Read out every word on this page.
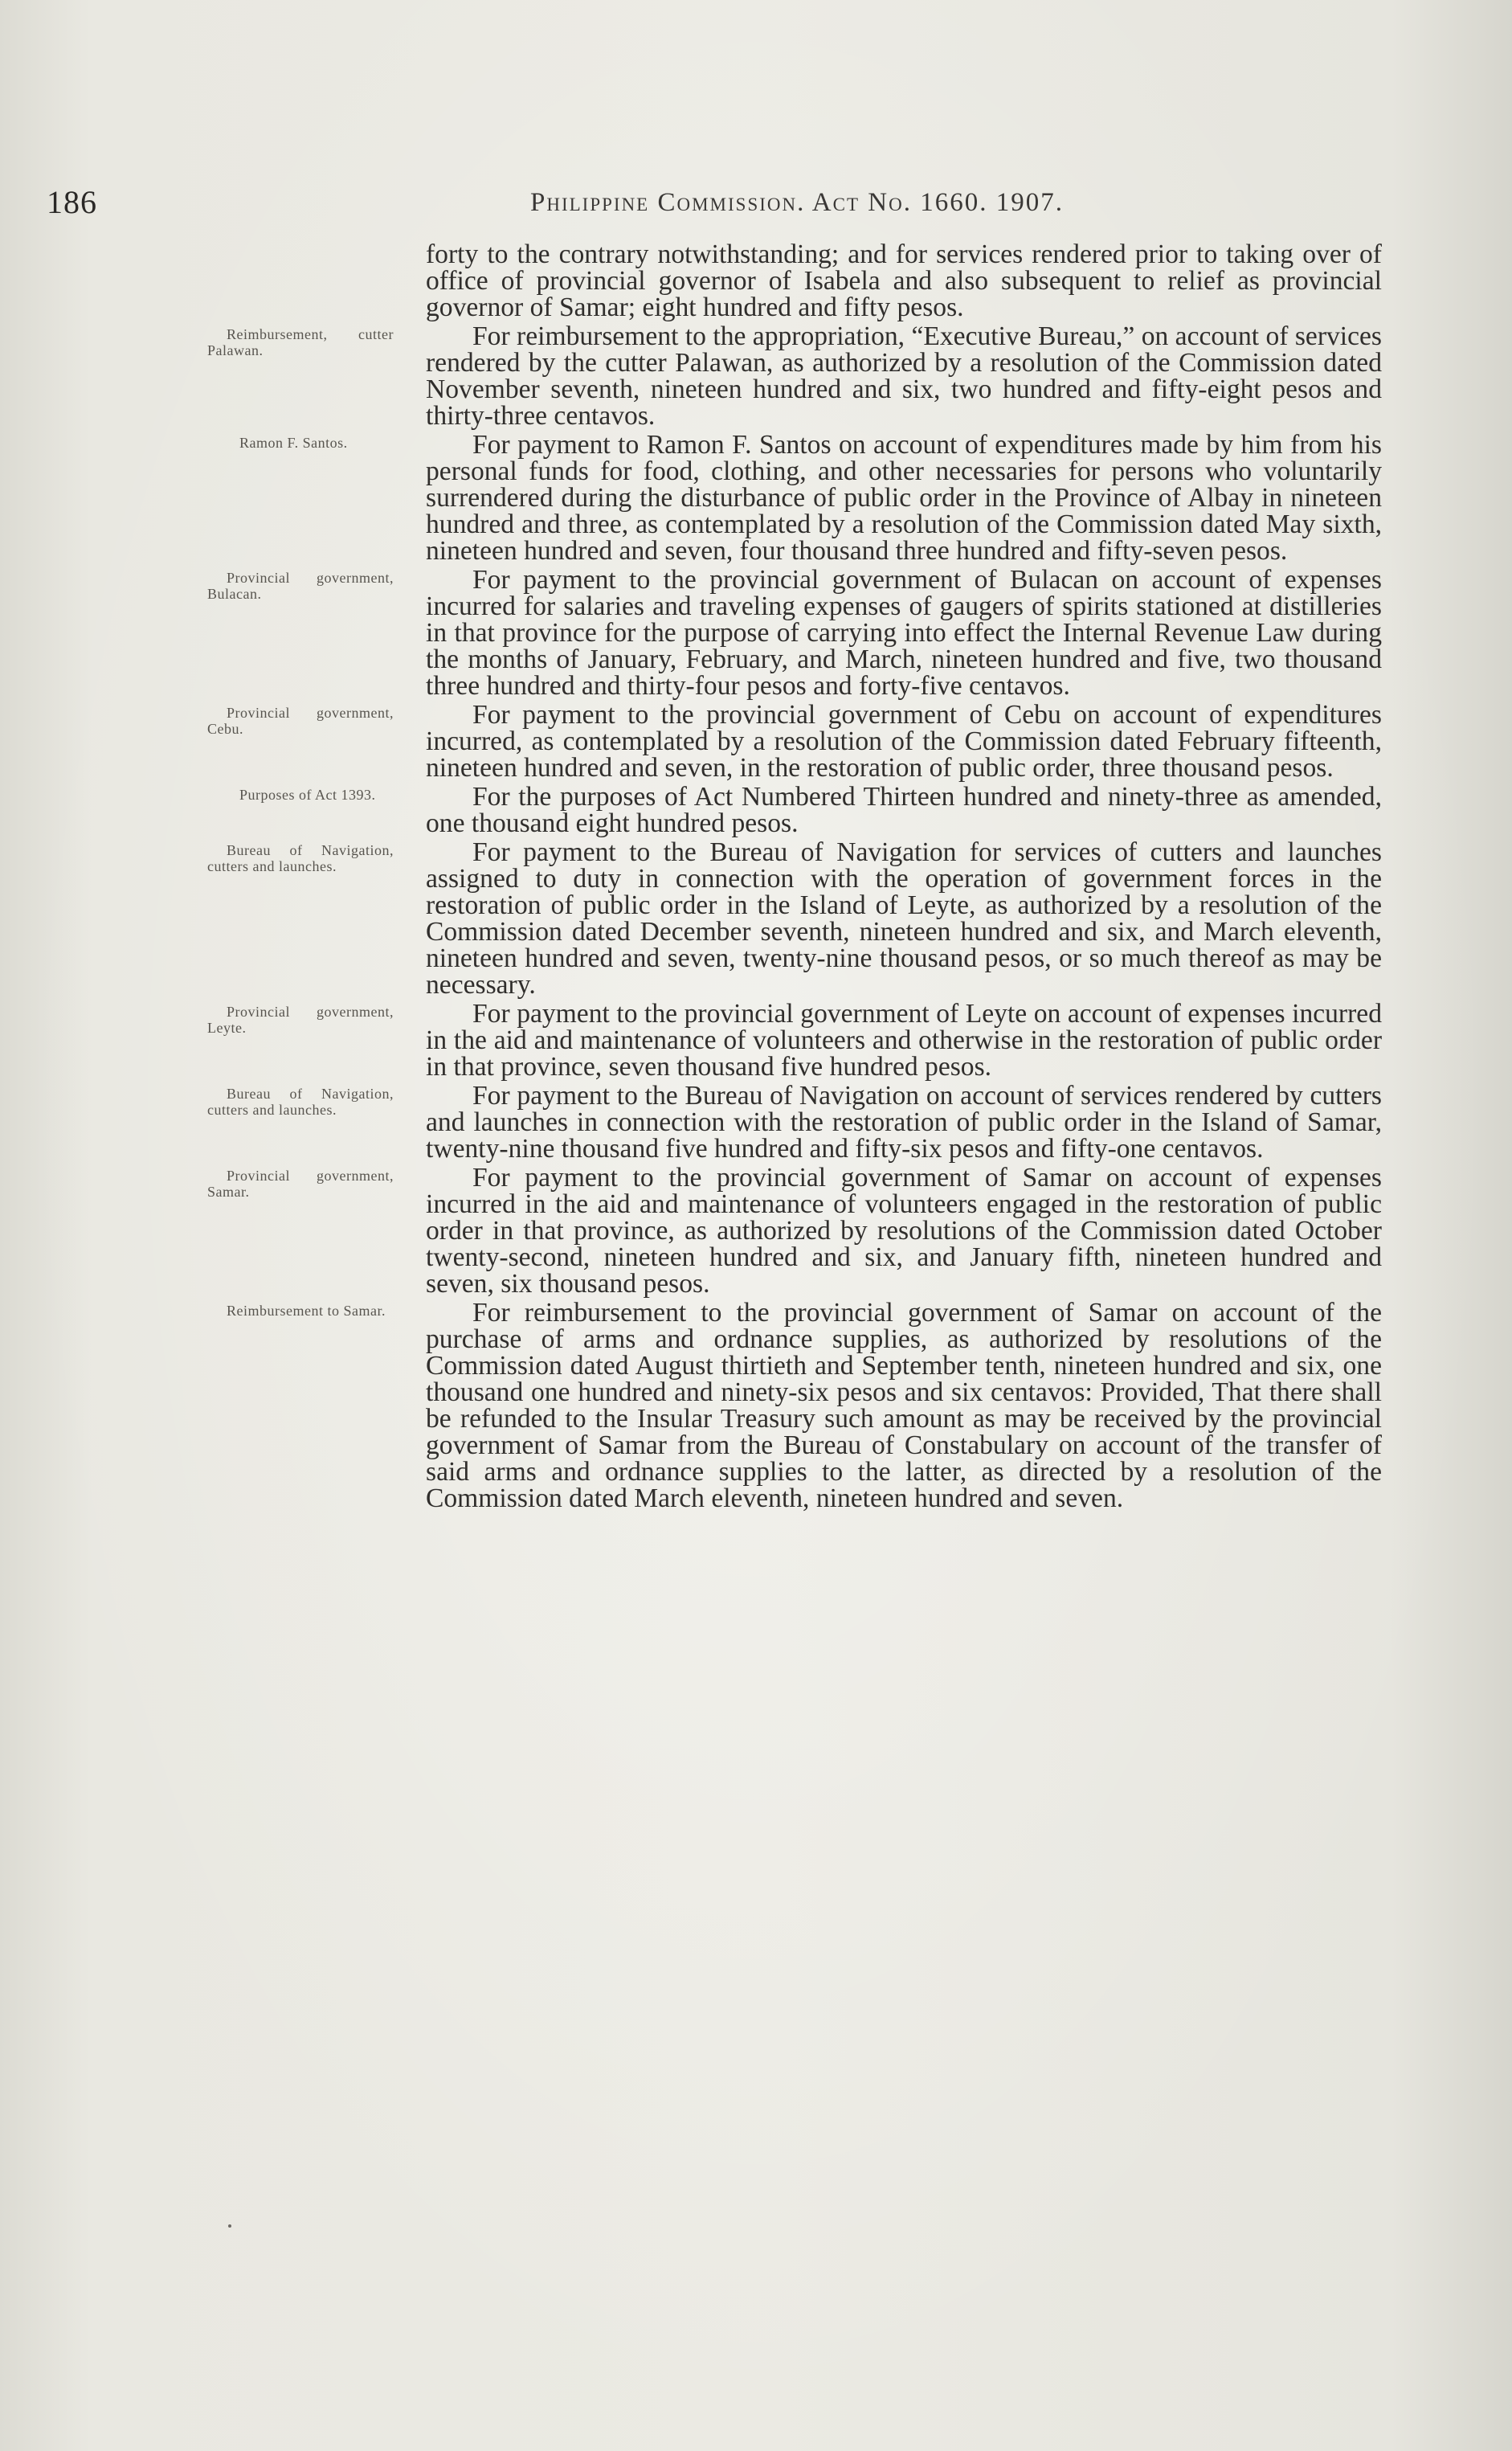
186	Philippine Commission. Act No. 1660. 1907.

forty to the contrary notwithstanding; and for services rendered prior to taking over of office of provincial governor of Isabela and also subsequent to relief as provincial governor of Samar; eight hundred and fifty pesos.

Reimbursement, cutter Palawan.	For reimbursement to the appropriation, “Executive Bureau,” on account of services rendered by the cutter Palawan, as authorized by a resolution of the Commission dated November seventh, nineteen hundred and six, two hundred and fifty-eight pesos and thirty-three centavos.

Ramon F. Santos.	For payment to Ramon F. Santos on account of expenditures made by him from his personal funds for food, clothing, and other necessaries for persons who voluntarily surrendered during the disturbance of public order in the Province of Albay in nineteen hundred and three, as contemplated by a resolution of the Commission dated May sixth, nineteen hundred and seven, four thousand three hundred and fifty-seven pesos.

Provincial government, Bulacan.	For payment to the provincial government of Bulacan on account of expenses incurred for salaries and traveling expenses of gaugers of spirits stationed at distilleries in that province for the purpose of carrying into effect the Internal Revenue Law during the months of January, February, and March, nineteen hundred and five, two thousand three hundred and thirty-four pesos and forty-five centavos.

Provincial government, Cebu.	For payment to the provincial government of Cebu on account of expenditures incurred, as contemplated by a resolution of the Commission dated February fifteenth, nineteen hundred and seven, in the restoration of public order, three thousand pesos.

Purposes of Act 1393.	For the purposes of Act Numbered Thirteen hundred and ninety-three as amended, one thousand eight hundred pesos.

Bureau of Navigation, cutters and launches.	For payment to the Bureau of Navigation for services of cutters and launches assigned to duty in connection with the operation of government forces in the restoration of public order in the Island of Leyte, as authorized by a resolution of the Commission dated December seventh, nineteen hundred and six, and March eleventh, nineteen hundred and seven, twenty-nine thousand pesos, or so much thereof as may be necessary.

Provincial government, Leyte.	For payment to the provincial government of Leyte on account of expenses incurred in the aid and maintenance of volunteers and otherwise in the restoration of public order in that province, seven thousand five hundred pesos.

Bureau of Navigation, cutters and launches.	For payment to the Bureau of Navigation on account of services rendered by cutters and launches in connection with the restoration of public order in the Island of Samar, twenty-nine thousand five hundred and fifty-six pesos and fifty-one centavos.

Provincial government, Samar.	For payment to the provincial government of Samar on account of expenses incurred in the aid and maintenance of volunteers engaged in the restoration of public order in that province, as authorized by resolutions of the Commission dated October twenty-second, nineteen hundred and six, and January fifth, nineteen hundred and seven, six thousand pesos.

Reimbursement to Samar.	For reimbursement to the provincial government of Samar on account of the purchase of arms and ordnance supplies, as authorized by resolutions of the Commission dated August thirtieth and September tenth, nineteen hundred and six, one thousand one hundred and ninety-six pesos and six centavos: Provided, That there shall be refunded to the Insular Treasury such amount as may be received by the provincial government of Samar from the Bureau of Constabulary on account of the transfer of said arms and ordnance supplies to the latter, as directed by a resolution of the Commission dated March eleventh, nineteen hundred and seven.
